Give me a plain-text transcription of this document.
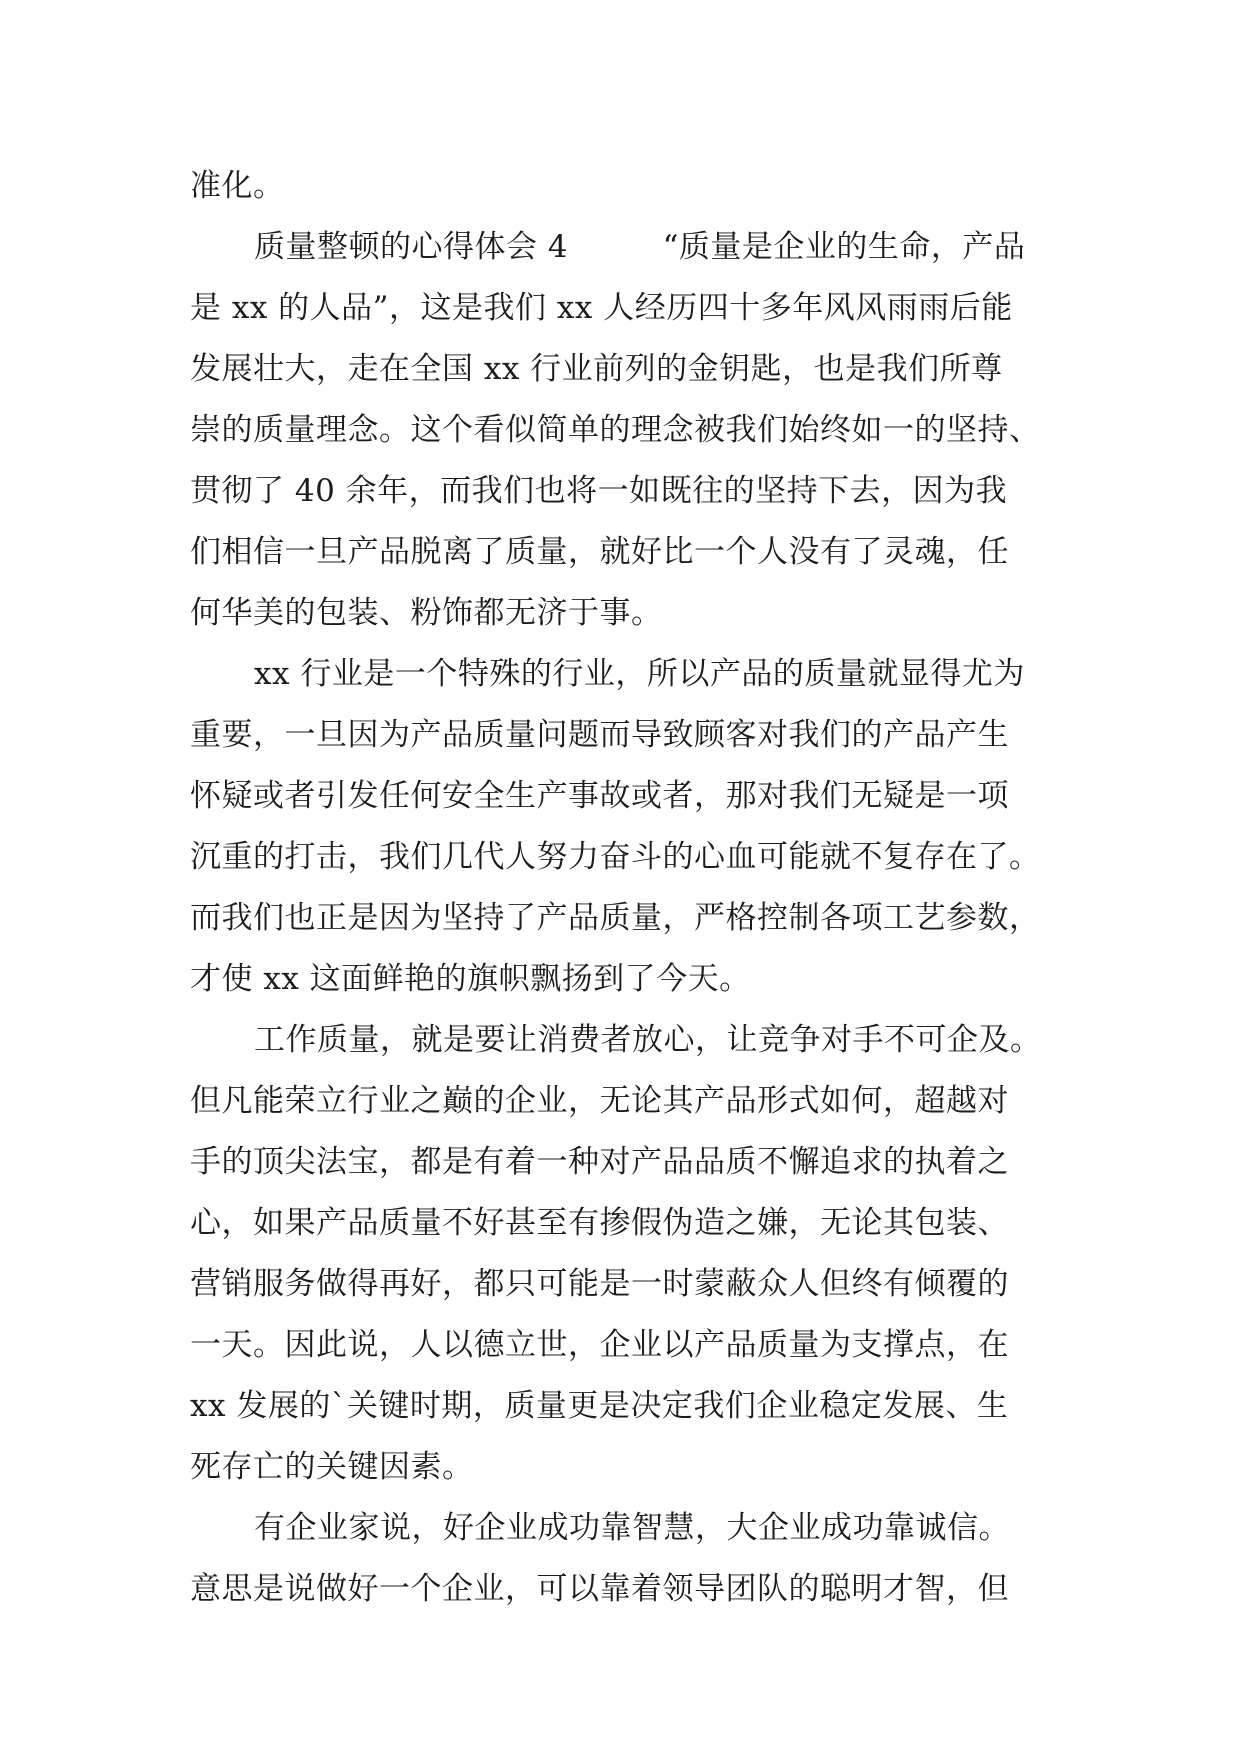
准化。
质量整顿的心得体会 4　　　“质量是企业的生命，产品
是 xx 的人品”，这是我们 xx 人经历四十多年风风雨雨后能
发展壮大，走在全国 xx 行业前列的金钥匙，也是我们所尊
崇的质量理念。这个看似简单的理念被我们始终如一的坚持、
贯彻了 40 余年，而我们也将一如既往的坚持下去，因为我
们相信一旦产品脱离了质量，就好比一个人没有了灵魂，任
何华美的包装、粉饰都无济于事。
xx 行业是一个特殊的行业，所以产品的质量就显得尤为
重要，一旦因为产品质量问题而导致顾客对我们的产品产生
怀疑或者引发任何安全生产事故或者，那对我们无疑是一项
沉重的打击，我们几代人努力奋斗的心血可能就不复存在了。
而我们也正是因为坚持了产品质量，严格控制各项工艺参数，
才使 xx 这面鲜艳的旗帜飘扬到了今天。
工作质量，就是要让消费者放心，让竞争对手不可企及。
但凡能荣立行业之巅的企业，无论其产品形式如何，超越对
手的顶尖法宝，都是有着一种对产品品质不懈追求的执着之
心，如果产品质量不好甚至有掺假伪造之嫌，无论其包装、
营销服务做得再好，都只可能是一时蒙蔽众人但终有倾覆的
一天。因此说，人以德立世，企业以产品质量为支撑点，在
xx 发展的`关键时期，质量更是决定我们企业稳定发展、生
死存亡的关键因素。
有企业家说，好企业成功靠智慧，大企业成功靠诚信。
意思是说做好一个企业，可以靠着领导团队的聪明才智，但
